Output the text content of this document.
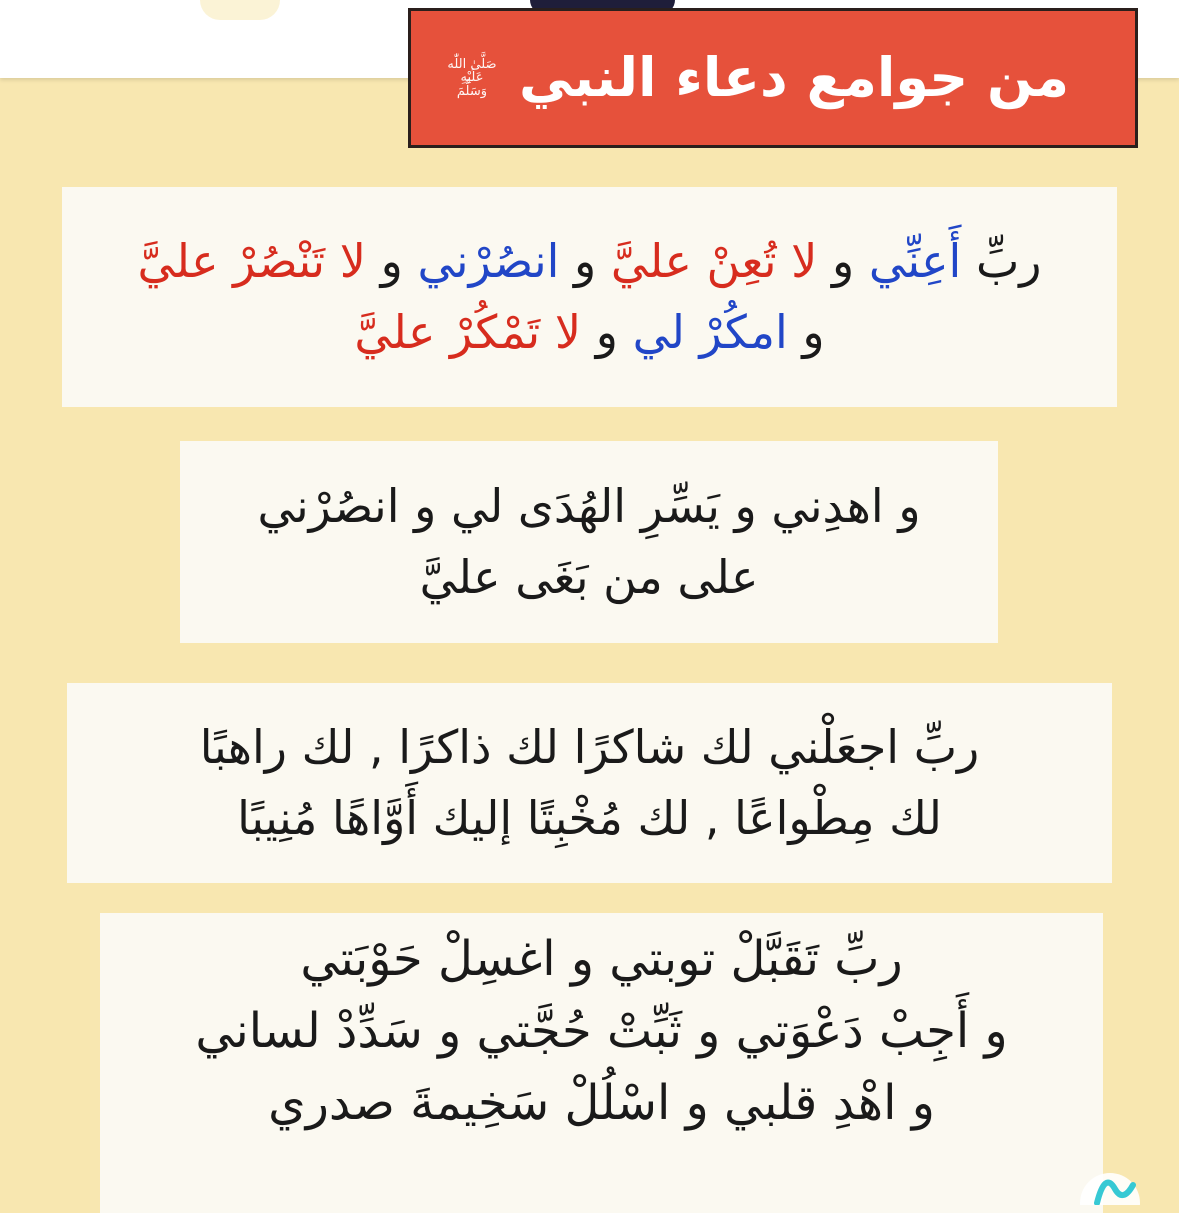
من جوامع دعاء النبي
صَلَّىٰ اللّٰه
عَلَيْهِ
وَسَلَّمَ
ربِّ أَعِنِّي و لا تُعِنْ عليَّ و انصُرْني و لا تَنْصُرْ عليَّ
و امكُرْ لي و لا تَمْكُرْ عليَّ
و اهدِني و يَسِّرِ الهُدَى لي و انصُرْني
على من بَغَى عليَّ
ربِّ اجعَلْني لك شاكرًا لك ذاكرًا , لك راهبًا
لك مِطْواعًا , لك مُخْبِتًا إليك أَوَّاهًا مُنِيبًا
ربِّ تَقَبَّلْ توبتي و اغسِلْ حَوْبَتي
و أَجِبْ دَعْوَتي و ثَبِّتْ حُجَّتي و سَدِّدْ لساني
و اهْدِ قلبي و اسْلُلْ سَخِيمةَ صدري
